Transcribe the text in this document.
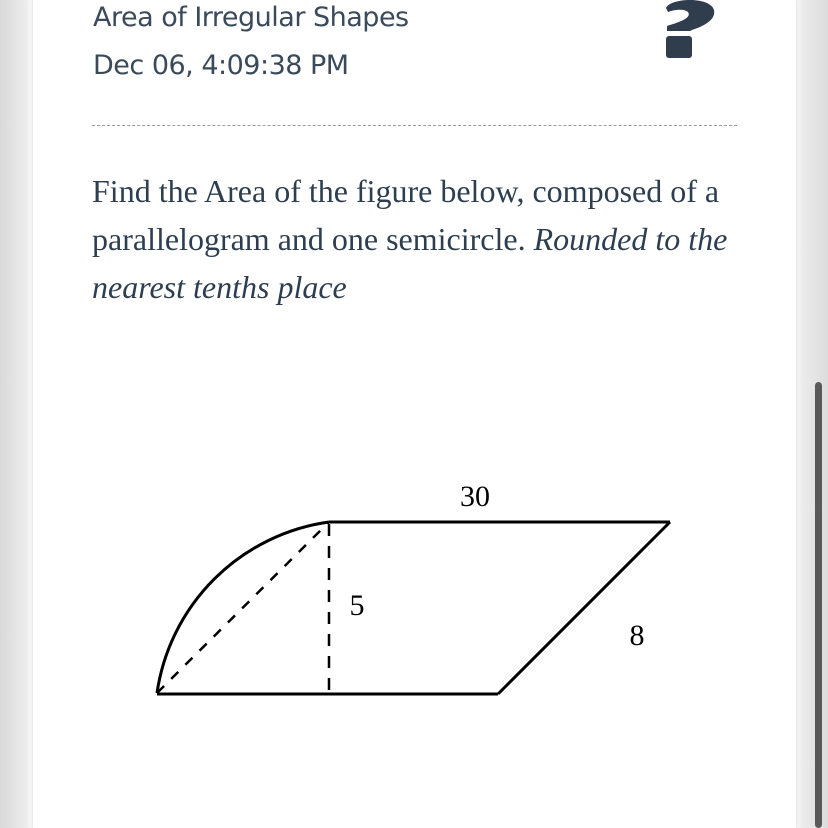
Area of Irregular Shapes
Dec 06, 4:09:38 PM
Find the Area of the figure below, composed of a parallelogram and one semicircle. Rounded to the nearest tenths place
30
5
8
